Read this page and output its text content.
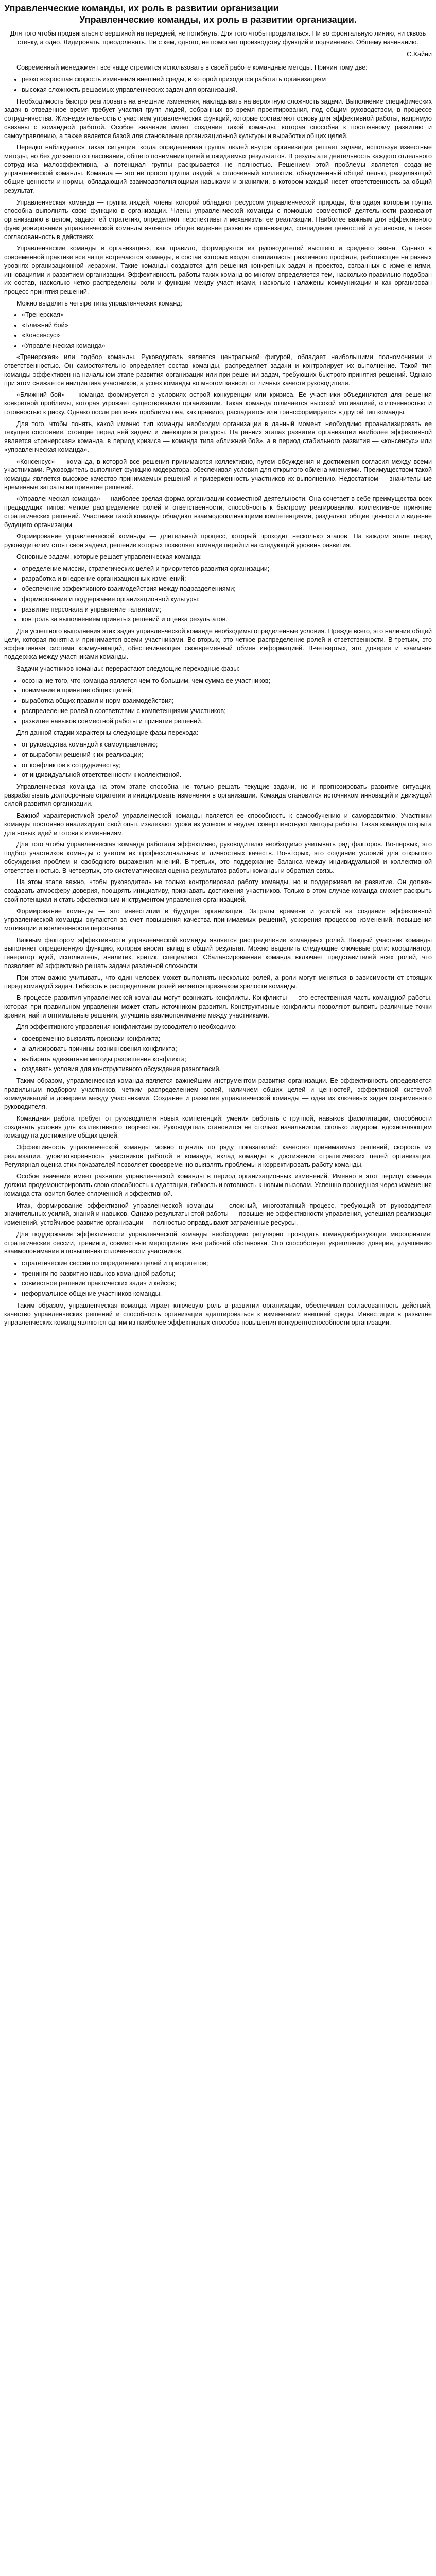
Управленческие команды, их роль в развитии организации
Управленческие команды, их роль в развитии организации.
Для того чтобы продвигаться с вершиной на передней, не погибнуть. Для того чтобы продвигаться. Ни во фронтальную линию, ни сквозь стенку, а одно. Лидировать, преодолевать. Ни с кем, одного, не помогает производству функций и подчинению. Общему начинанию.
С.Хайни

Современный менеджмент все чаще стремится использовать в своей работе командные методы. Причин тому две:

• резко возросшая скорость изменения внешней среды, в которой приходится работать организациям
• высокая сложность решаемых управленческих задач для организаций.

Необходимость быстро реагировать на внешние изменения, накладывать на вероятную сложность задачи. Выполнение специфических задач в отведенное время требует участия групп людей, собранных во время проектирования, под общим руководством, в процессе сотрудничества. Жизнедеятельность с участием управленческих функций, которые составляют основу для эффективной работы, напрямую связаны с командной работой. Особое значение имеет создание такой команды, которая способна к постоянному развитию и самоуправлению, а также является базой для становления организационной культуры и выработки общих целей.

Нередко наблюдается такая ситуация, когда определенная группа людей внутри организации решает задачи, используя известные методы, но без должного согласования, общего понимания целей и ожидаемых результатов. В результате деятельность каждого отдельного сотрудника малоэффективна, а потенциал группы раскрывается не полностью. Решением этой проблемы является создание управленческой команды. Команда — это не просто группа людей, а сплоченный коллектив, объединенный общей целью, разделяющий общие ценности и нормы, обладающий взаимодополняющими навыками и знаниями, в котором каждый несет ответственность за общий результат.

Управленческая команда — группа людей, члены которой обладают ресурсом управленческой природы, благодаря которым группа способна выполнять свою функцию в организации. Члены управленческой команды с помощью совместной деятельности развивают организацию в целом, задают ей стратегию, определяют перспективы и механизмы ее реализации. Наиболее важным для эффективного функционирования управленческой команды является общее видение развития организации, совпадение ценностей и установок, а также согласованность в действиях.

Управленческие команды в организациях, как правило, формируются из руководителей высшего и среднего звена. Однако в современной практике все чаще встречаются команды, в состав которых входят специалисты различного профиля, работающие на разных уровнях организационной иерархии. Такие команды создаются для решения конкретных задач и проектов, связанных с изменениями, инновациями и развитием организации. Эффективность работы таких команд во многом определяется тем, насколько правильно подобран их состав, насколько четко распределены роли и функции между участниками, насколько налажены коммуникации и как организован процесс принятия решений.

Можно выделить четыре типа управленческих команд:

• «Тренерская»
• «Ближний бой»
• «Консенсус»
• «Управленческая команда»

«Тренерская» или подбор команды. Руководитель является центральной фигурой, обладает наибольшими полномочиями и ответственностью. Он самостоятельно определяет состав команды, распределяет задачи и контролирует их выполнение. Такой тип команды эффективен на начальном этапе развития организации или при решении задач, требующих быстрого принятия решений. Однако при этом снижается инициатива участников, а успех команды во многом зависит от личных качеств руководителя.

«Ближний бой» — команда формируется в условиях острой конкуренции или кризиса. Ее участники объединяются для решения конкретной проблемы, которая угрожает существованию организации. Такая команда отличается высокой мотивацией, сплоченностью и готовностью к риску. Однако после решения проблемы она, как правило, распадается или трансформируется в другой тип команды.

Для того, чтобы понять, какой именно тип команды необходим организации в данный момент, необходимо проанализировать ее текущее состояние, стоящие перед ней задачи и имеющиеся ресурсы. На ранних этапах развития организации наиболее эффективной является «тренерская» команда, в период кризиса — команда типа «ближний бой», а в период стабильного развития — «консенсус» или «управленческая команда».

«Консенсус» — команда, в которой все решения принимаются коллективно, путем обсуждения и достижения согласия между всеми участниками. Руководитель выполняет функцию модератора, обеспечивая условия для открытого обмена мнениями. Преимуществом такой команды является высокое качество принимаемых решений и приверженность участников их выполнению. Недостатком — значительные временные затраты на принятие решений.

«Управленческая команда» — наиболее зрелая форма организации совместной деятельности. Она сочетает в себе преимущества всех предыдущих типов: четкое распределение ролей и ответственности, способность к быстрому реагированию, коллективное принятие стратегических решений. Участники такой команды обладают взаимодополняющими компетенциями, разделяют общие ценности и видение будущего организации.

Формирование управленческой команды — длительный процесс, который проходит несколько этапов. На каждом этапе перед руководителем стоят свои задачи, решение которых позволяет команде перейти на следующий уровень развития.

Основные задачи, которые решает управленческая команда:

• определение миссии, стратегических целей и приоритетов развития организации;
• разработка и внедрение организационных изменений;
• обеспечение эффективного взаимодействия между подразделениями;
• формирование и поддержание организационной культуры;
• развитие персонала и управление талантами;
• контроль за выполнением принятых решений и оценка результатов.

Для успешного выполнения этих задач управленческой команде необходимы определенные условия. Прежде всего, это наличие общей цели, которая понятна и принимается всеми участниками. Во-вторых, это четкое распределение ролей и ответственности. В-третьих, это эффективная система коммуникаций, обеспечивающая своевременный обмен информацией. В-четвертых, это доверие и взаимная поддержка между участниками команды.

Задачи участников команды: перерастают следующие переходные фазы:

• осознание того, что команда является чем-то большим, чем сумма ее участников;
• понимание и принятие общих целей;
• выработка общих правил и норм взаимодействия;
• распределение ролей в соответствии с компетенциями участников;
• развитие навыков совместной работы и принятия решений.

Для данной стадии характерны следующие фазы перехода:

• от руководства командой к самоуправлению;
• от выработки решений к их реализации;
• от конфликтов к сотрудничеству;
• от индивидуальной ответственности к коллективной.

Управленческая команда на этом этапе способна не только решать текущие задачи, но и прогнозировать развитие ситуации, разрабатывать долгосрочные стратегии и инициировать изменения в организации. Команда становится источником инноваций и движущей силой развития организации.

Важной характеристикой зрелой управленческой команды является ее способность к самообучению и саморазвитию. Участники команды постоянно анализируют свой опыт, извлекают уроки из успехов и неудач, совершенствуют методы работы. Такая команда открыта для новых идей и готова к изменениям.

Для того чтобы управленческая команда работала эффективно, руководителю необходимо учитывать ряд факторов. Во-первых, это подбор участников команды с учетом их профессиональных и личностных качеств. Во-вторых, это создание условий для открытого обсуждения проблем и свободного выражения мнений. В-третьих, это поддержание баланса между индивидуальной и коллективной ответственностью. В-четвертых, это систематическая оценка результатов работы команды и обратная связь.

На этом этапе важно, чтобы руководитель не только контролировал работу команды, но и поддерживал ее развитие. Он должен создавать атмосферу доверия, поощрять инициативу, признавать достижения участников. Только в этом случае команда сможет раскрыть свой потенциал и стать эффективным инструментом управления организацией.

Формирование команды — это инвестиции в будущее организации. Затраты времени и усилий на создание эффективной управленческой команды окупаются за счет повышения качества принимаемых решений, ускорения процессов изменений, повышения мотивации и вовлеченности персонала.

Важным фактором эффективности управленческой команды является распределение командных ролей. Каждый участник команды выполняет определенную функцию, которая вносит вклад в общий результат. Можно выделить следующие ключевые роли: координатор, генератор идей, исполнитель, аналитик, критик, специалист. Сбалансированная команда включает представителей всех ролей, что позволяет ей эффективно решать задачи различной сложности.

При этом важно учитывать, что один человек может выполнять несколько ролей, а роли могут меняться в зависимости от стоящих перед командой задач. Гибкость в распределении ролей является признаком зрелости команды.

В процессе развития управленческой команды могут возникать конфликты. Конфликты — это естественная часть командной работы, которая при правильном управлении может стать источником развития. Конструктивные конфликты позволяют выявить различные точки зрения, найти оптимальные решения, улучшить взаимопонимание между участниками.

Для эффективного управления конфликтами руководителю необходимо:

• своевременно выявлять признаки конфликта;
• анализировать причины возникновения конфликта;
• выбирать адекватные методы разрешения конфликта;
• создавать условия для конструктивного обсуждения разногласий.

Таким образом, управленческая команда является важнейшим инструментом развития организации. Ее эффективность определяется правильным подбором участников, четким распределением ролей, наличием общих целей и ценностей, эффективной системой коммуникаций и доверием между участниками. Создание и развитие управленческой команды — одна из ключевых задач современного руководителя.

Командная работа требует от руководителя новых компетенций: умения работать с группой, навыков фасилитации, способности создавать условия для коллективного творчества. Руководитель становится не столько начальником, сколько лидером, вдохновляющим команду на достижение общих целей.

Эффективность управленческой команды можно оценить по ряду показателей: качество принимаемых решений, скорость их реализации, удовлетворенность участников работой в команде, вклад команды в достижение стратегических целей организации. Регулярная оценка этих показателей позволяет своевременно выявлять проблемы и корректировать работу команды.

Особое значение имеет развитие управленческой команды в период организационных изменений. Именно в этот период команда должна продемонстрировать свою способность к адаптации, гибкость и готовность к новым вызовам. Успешно прошедшая через изменения команда становится более сплоченной и эффективной.

Итак, формирование эффективной управленческой команды — сложный, многоэтапный процесс, требующий от руководителя значительных усилий, знаний и навыков. Однако результаты этой работы — повышение эффективности управления, успешная реализация изменений, устойчивое развитие организации — полностью оправдывают затраченные ресурсы.

Для поддержания эффективности управленческой команды необходимо регулярно проводить командообразующие мероприятия: стратегические сессии, тренинги, совместные мероприятия вне рабочей обстановки. Это способствует укреплению доверия, улучшению взаимопонимания и повышению сплоченности участников.

• стратегические сессии по определению целей и приоритетов;
• тренинги по развитию навыков командной работы;
• совместное решение практических задач и кейсов;
• неформальное общение участников команды.

Таким образом, управленческая команда играет ключевую роль в развитии организации, обеспечивая согласованность действий, качество управленческих решений и способность организации адаптироваться к изменениям внешней среды. Инвестиции в развитие управленческих команд являются одним из наиболее эффективных способов повышения конкурентоспособности организации.
